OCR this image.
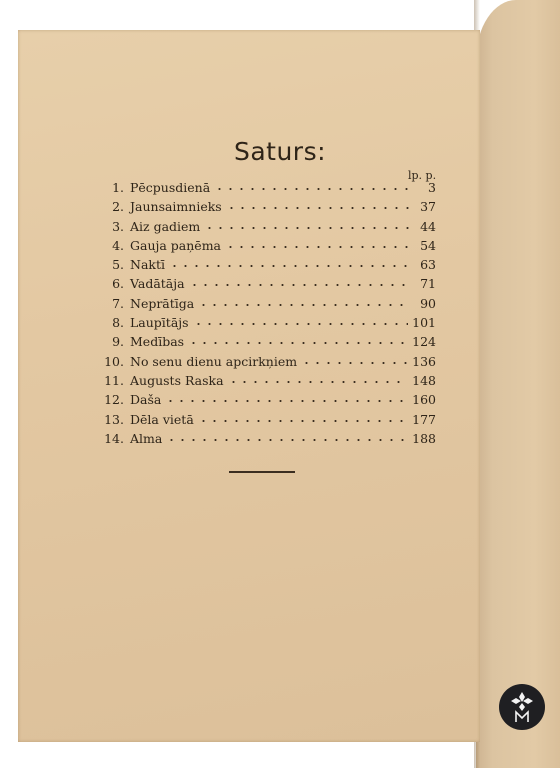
Saturs:
lp. p.
1. Pēcpusdienā	3
2. Jaunsaimnieks	37
3. Aiz gadiem	44
4. Gauja paņēma	54
5. Naktī	63
6. Vadātāja	71
7. Neprātīga	90
8. Laupītājs	101
9. Medības	124
10. No senu dienu apcirkņiem	136
11. Augusts Raska	148
12. Daša	160
13. Dēla vietā	177
14. Alma	188
